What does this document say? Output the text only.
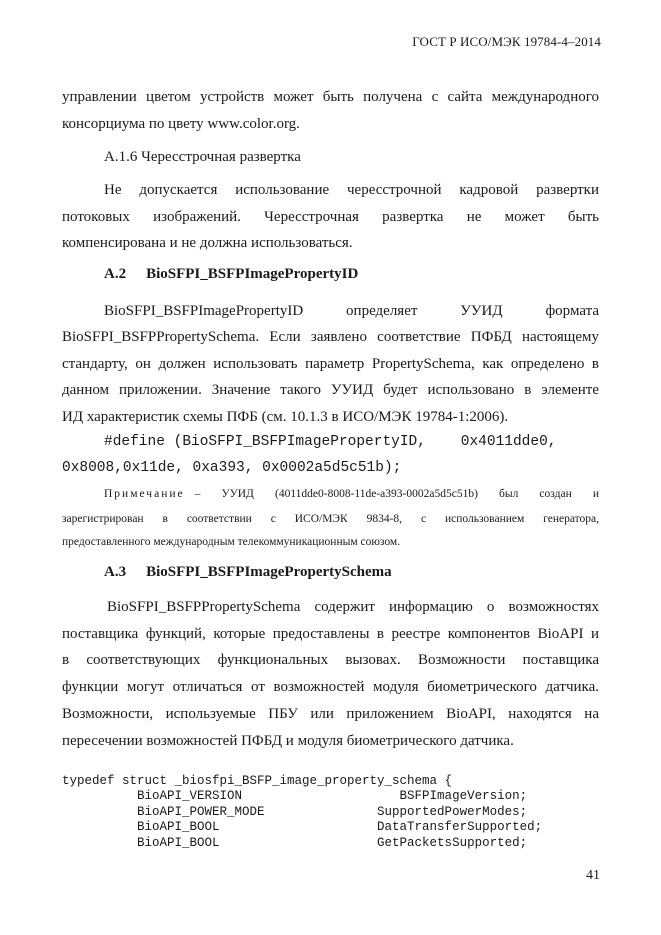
ГОСТ Р ИСО/МЭК 19784-4–2014
управлении цветом устройств может быть получена с сайта международного
консорциума по цвету www.color.org.
А.1.6 Чересстрочная развертка
Не допускается использование чересстрочной кадровой развертки
потоковых изображений. Чересстрочная развертка не может быть
компенсирована и не должна использоваться.
А.2 BioSFPI_BSFPImagePropertyID
BioSFPI_BSFPImagePropertyID определяет УУИД формата
BioSFPI_BSFPPropertySchema. Если заявлено соответствие ПФБД настоящему
стандарту, он должен использовать параметр PropertySchema, как определено в
данном приложении. Значение такого УУИД будет использовано в элементе
ИД характеристик схемы ПФБ (см. 10.1.3 в ИСО/МЭК 19784-1:2006).
#define (BioSFPI_BSFPImagePropertyID,    0x4011dde0,
0x8008,0x11de, 0xa393, 0x0002a5d5c51b);
Примечание – УУИД (4011dde0-8008-11de-a393-0002a5d5c51b) был создан и
зарегистрирован в соответствии с ИСО/МЭК 9834-8, с использованием генератора,
предоставленного международным телекоммуникационным союзом.
А.3 BioSFPI_BSFPImagePropertySchema
BioSFPI_BSFPPropertySchema содержит информацию о возможностях
поставщика функций, которые предоставлены в реестре компонентов BioAPI и
в соответствующих функциональных вызовах. Возможности поставщика
функции могут отличаться от возможностей модуля биометрического датчика.
Возможности, используемые ПБУ или приложением BioAPI, находятся на
пересечении возможностей ПФБД и модуля биометрического датчика.
typedef struct _biosfpi_BSFP_image_property_schema {
BioAPI_VERSION                     BSFPImageVersion;
BioAPI_POWER_MODE               SupportedPowerModes;
BioAPI_BOOL                     DataTransferSupported;
BioAPI_BOOL                     GetPacketsSupported;
41
